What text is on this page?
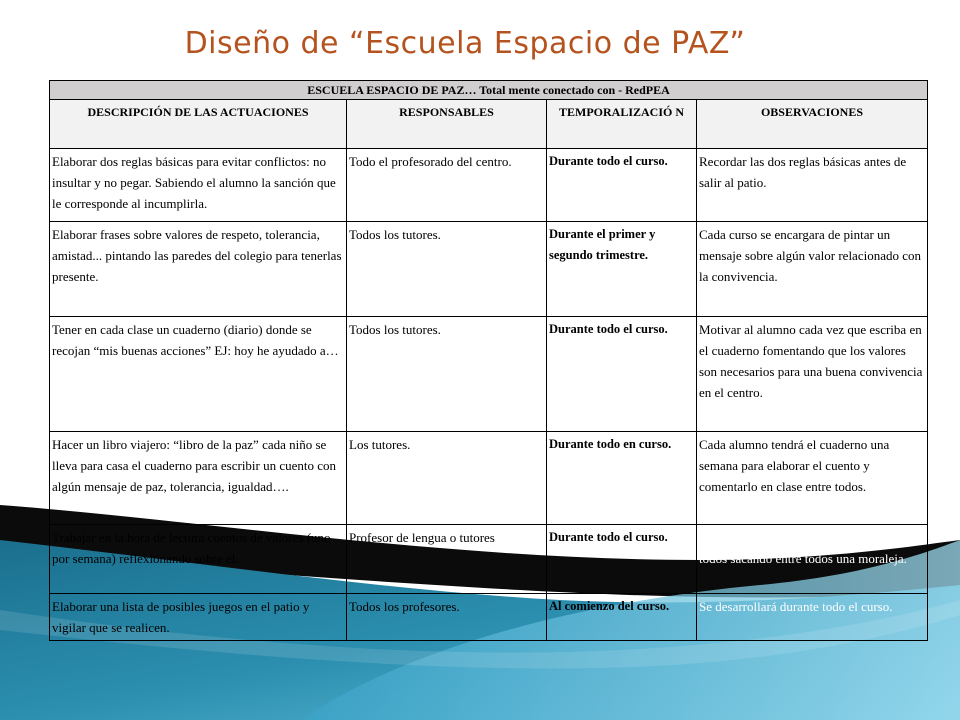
Diseño de “Escuela Espacio de PAZ”
ESCUELA ESPACIO DE PAZ… Total mente conectado con - RedPEA			
DESCRIPCIÓN DE LAS ACTUACIONES	RESPONSABLES	TEMPORALIZACIÓ N	OBSERVACIONES
Elaborar dos reglas básicas para evitar conflictos: no insultar y no pegar. Sabiendo el alumno la sanción que le corresponde al incumplirla.	Todo el profesorado del centro.	Durante todo el curso.	Recordar las dos reglas básicas antes de salir al patio.
Elaborar frases sobre valores de respeto, tolerancia, amistad... pintando las paredes del colegio para tenerlas presente.	Todos los tutores.	Durante el primer y segundo trimestre.	Cada curso se encargara de pintar un mensaje sobre algún valor relacionado con la convivencia.
Tener en cada clase un cuaderno (diario) donde se recojan “mis buenas acciones” EJ: hoy he ayudado a…	Todos los tutores.	Durante todo el curso.	Motivar al alumno cada vez que escriba en el cuaderno fomentando que los valores son necesarios para una buena convivencia en el centro.
Hacer un libro viajero: “libro de la paz” cada niño se lleva para casa el cuaderno para escribir un cuento con algún mensaje de paz, tolerancia, igualdad….	Los tutores.	Durante todo en curso.	Cada alumno tendrá el cuaderno una semana para elaborar el cuento y comentarlo en clase entre todos.
Trabajar en la hora de lectura cuentos de valores (uno por semana) reflexionando sobre él.	Profesor de lengua o tutores	Durante todo el curso.	Comentar semanalmente la lectura entre todos sacando entre todos una moraleja.
Elaborar una lista de posibles juegos en el patio y vigilar que se realicen.	Todos los profesores.	Al comienzo del curso.	Se desarrollará durante todo el curso.
